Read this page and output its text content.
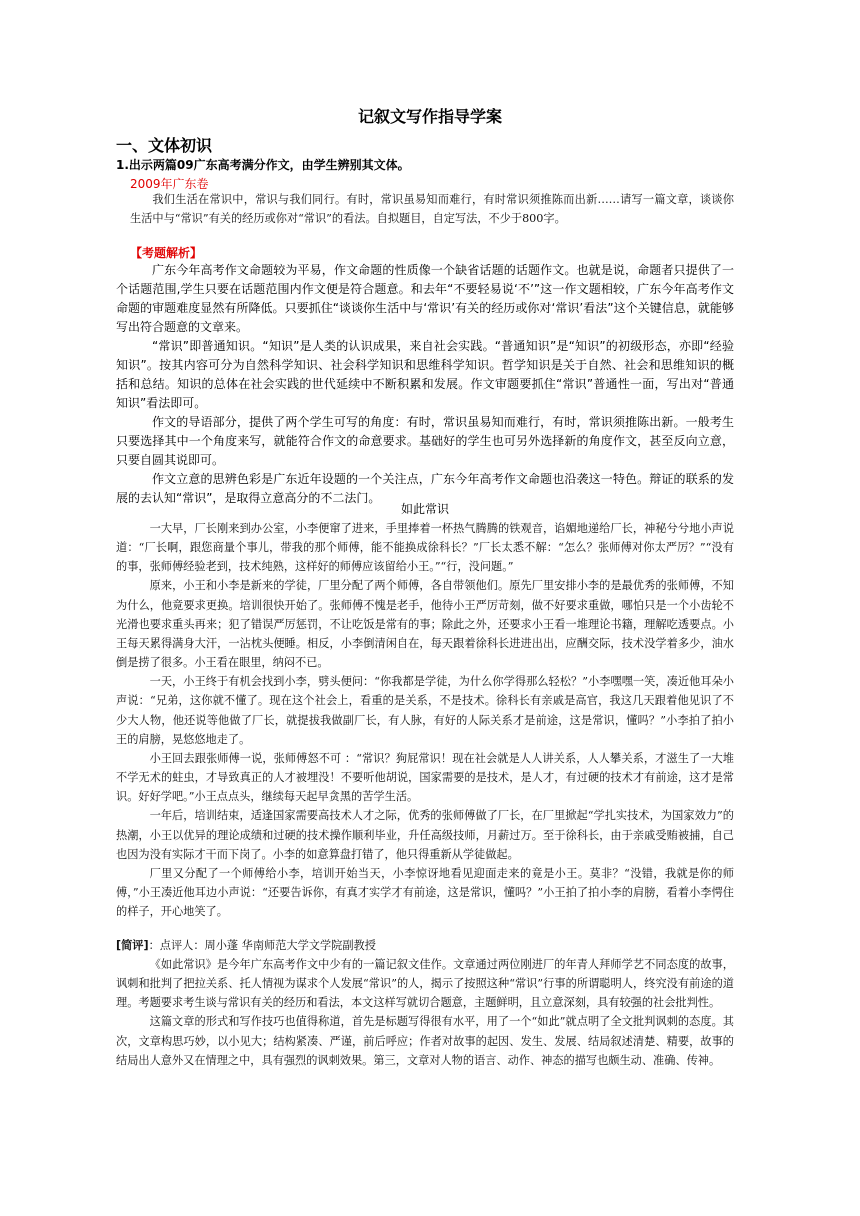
记叙文写作指导学案

一、文体初识

1.出示两篇09广东高考满分作文，由学生辨别其文体。

2009年广东卷

我们生活在常识中，常识与我们同行。有时，常识虽易知而难行，有时常识须推陈而出新……请写一篇文章，谈谈你生活中与“常识”有关的经历或你对“常识”的看法。自拟题目，自定写法，不少于800字。

【考题解析】

广东今年高考作文命题较为平易，作文命题的性质像一个缺省话题的话题作文。也就是说，命题者只提供了一个话题范围,学生只要在话题范围内作文便是符合题意。和去年“不要轻易说‘不’”这一作文题相较，广东今年高考作文命题的审题难度显然有所降低。只要抓住“谈谈你生活中与‘常识’有关的经历或你对‘常识’看法”这个关键信息，就能够写出符合题意的文章来。

“常识”即普通知识。“知识”是人类的认识成果，来自社会实践。“普通知识”是“知识”的初级形态，亦即“经验知识”。按其内容可分为自然科学知识、社会科学知识和思维科学知识。哲学知识是关于自然、社会和思维知识的概括和总结。知识的总体在社会实践的世代延续中不断积累和发展。作文审题要抓住“常识”普通性一面，写出对“普通知识”看法即可。

作文的导语部分，提供了两个学生可写的角度：有时，常识虽易知而难行，有时，常识须推陈出新。一般考生只要选择其中一个角度来写，就能符合作文的命意要求。基础好的学生也可另外选择新的角度作文，甚至反向立意，只要自圆其说即可。

作文立意的思辨色彩是广东近年设题的一个关注点，广东今年高考作文命题也沿袭这一特色。辩证的联系的发展的去认知“常识”，是取得立意高分的不二法门。

如此常识

一大早，厂长刚来到办公室，小李便窜了进来，手里捧着一杯热气腾腾的铁观音，谄媚地递给厂长，神秘兮兮地小声说道：“厂长啊，跟您商量个事儿，带我的那个师傅，能不能换成徐科长？”厂长太悉不解：“怎么？张师傅对你太严厉？”“没有的事，张师傅经验老到，技术纯熟，这样好的师傅应该留给小王。”“行，没问题。”

原来，小王和小李是新来的学徒，厂里分配了两个师傅，各自带领他们。原先厂里安排小李的是最优秀的张师傅，不知为什么，他竟要求更换。培训很快开始了。张师傅不愧是老手，他待小王严厉苛刻，做不好要求重做，哪怕只是一个小齿轮不光滑也要求重头再来；犯了错误严厉惩罚，不让吃饭是常有的事；除此之外，还要求小王看一堆理论书籍，理解吃透要点。小王每天累得满身大汗，一沾枕头便睡。相反，小李倒清闲自在，每天跟着徐科长进进出出，应酬交际，技术没学着多少，油水倒是捞了很多。小王看在眼里，纳闷不已。

一天，小王终于有机会找到小李，劈头便问：“你我都是学徒，为什么你学得那么轻松？”小李嘿嘿一笑，凑近他耳朵小声说：“兄弟，这你就不懂了。现在这个社会上，看重的是关系，不是技术。徐科长有亲戚是高官，我这几天跟着他见识了不少大人物，他还说等他做了厂长，就提拔我做副厂长，有人脉，有好的人际关系才是前途，这是常识，懂吗？”小李拍了拍小王的肩膀，晃悠悠地走了。

小王回去跟张师傅一说，张师傅怒不可 ：“常识？狗屁常识！现在社会就是人人讲关系，人人攀关系，才滋生了一大堆不学无术的蛀虫，才导致真正的人才被埋没！不要听他胡说，国家需要的是技术，是人才，有过硬的技术才有前途，这才是常识。好好学吧。”小王点点头，继续每天起早贪黑的苦学生活。

一年后，培训结束，适逢国家需要高技术人才之际，优秀的张师傅做了厂长，在厂里掀起“学扎实技术，为国家效力”的热潮，小王以优异的理论成绩和过硬的技术操作顺利毕业，升任高级技师，月薪过万。至于徐科长，由于亲戚受贿被捕，自己也因为没有实际才干而下岗了。小李的如意算盘打错了，他只得重新从学徒做起。

厂里又分配了一个师傅给小李，培训开始当天，小李惊讶地看见迎面走来的竟是小王。莫非？“没错，我就是你的师傅，”小王凑近他耳边小声说：“还要告诉你，有真才实学才有前途，这是常识，懂吗？”小王拍了拍小李的肩膀，看着小李愕住的样子，开心地笑了。

[简评]：点评人：周小蓬 华南师范大学文学院副教授

《如此常识》是今年广东高考作文中少有的一篇记叙文佳作。文章通过两位刚进厂的年青人拜师学艺不同态度的故事，讽刺和批判了把拉关系、托人情视为谋求个人发展“常识”的人，揭示了按照这种“常识”行事的所谓聪明人，终究没有前途的道理。考题要求考生谈与常识有关的经历和看法，本文这样写就切合题意，主题鲜明，且立意深刻，具有较强的社会批判性。

这篇文章的形式和写作技巧也值得称道，首先是标题写得很有水平，用了一个“如此”就点明了全文批判讽刺的态度。其次，文章构思巧妙，以小见大；结构紧凑、严谨，前后呼应；作者对故事的起因、发生、发展、结局叙述清楚、精要，故事的结局出人意外又在情理之中，具有强烈的讽刺效果。第三，文章对人物的语言、动作、神态的描写也颇生动、准确、传神。
